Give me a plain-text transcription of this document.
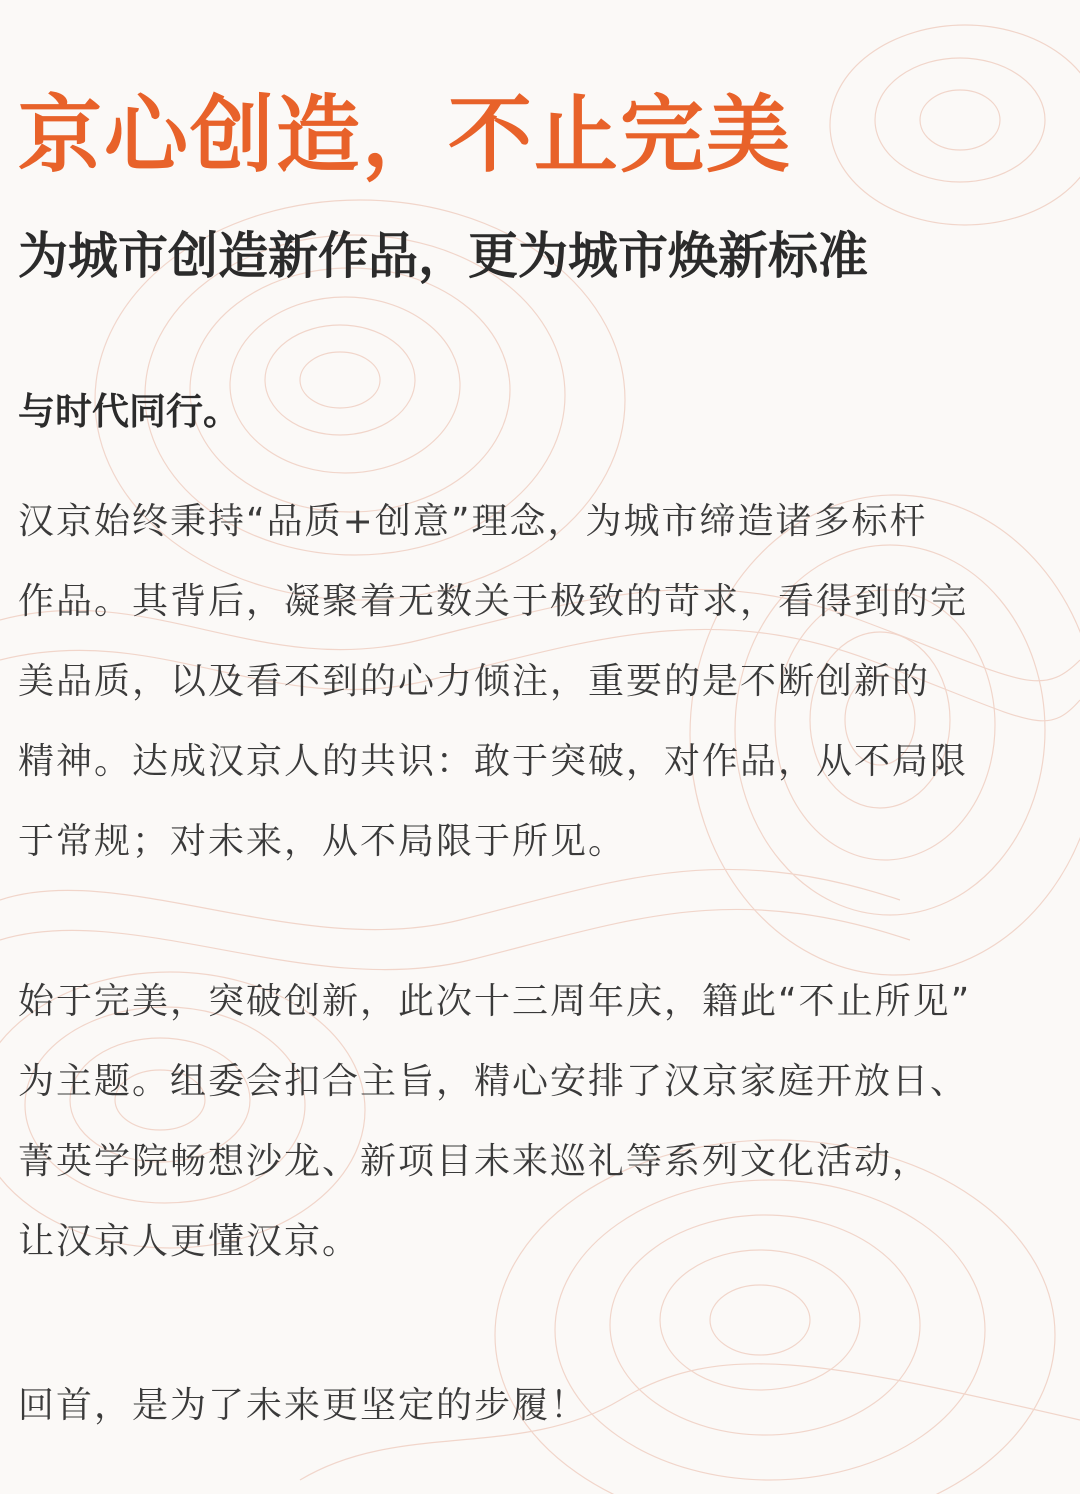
京心创造，不止完美
为城市创造新作品，更为城市焕新标准

与时代同行。

汉京始终秉持“品质+创意”理念，为城市缔造诸多标杆
作品。其背后，凝聚着无数关于极致的苛求，看得到的完
美品质，以及看不到的心力倾注，重要的是不断创新的
精神。达成汉京人的共识：敢于突破，对作品，从不局限
于常规；对未来，从不局限于所见。

始于完美，突破创新，此次十三周年庆，籍此“不止所见”
为主题。组委会扣合主旨，精心安排了汉京家庭开放日、
菁英学院畅想沙龙、新项目未来巡礼等系列文化活动，
让汉京人更懂汉京。

回首，是为了未来更坚定的步履！
